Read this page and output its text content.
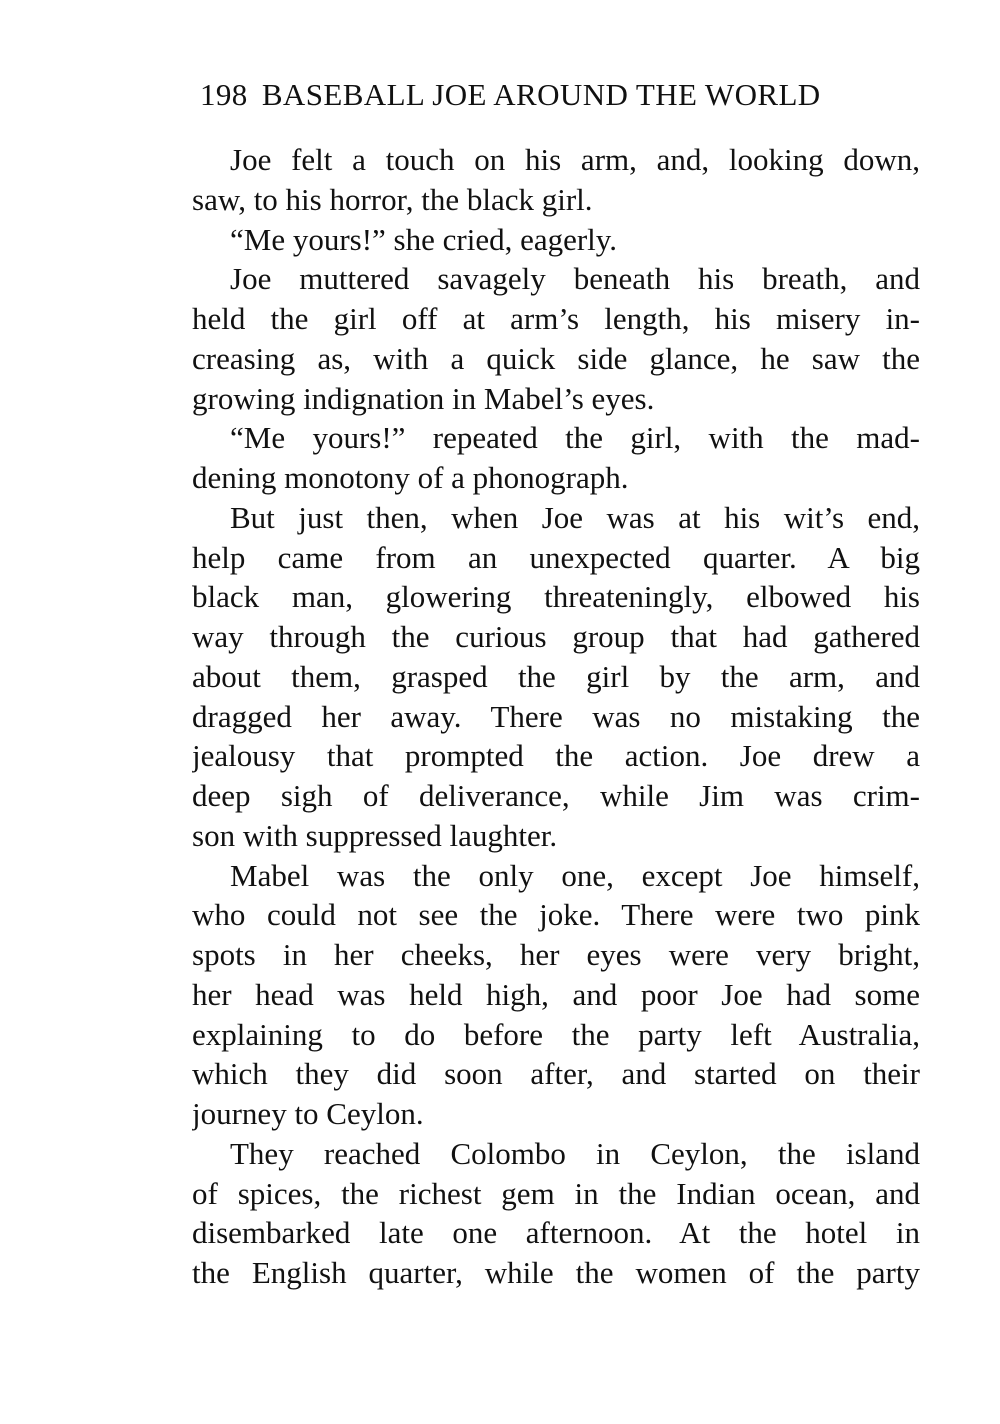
198 BASEBALL JOE AROUND THE WORLD
Joe felt a touch on his arm, and, looking down,
saw, to his horror, the black girl.
“Me yours!” she cried, eagerly.
Joe muttered savagely beneath his breath, and
held the girl off at arm’s length, his misery in-
creasing as, with a quick side glance, he saw the
growing indignation in Mabel’s eyes.
“Me yours!” repeated the girl, with the mad-
dening monotony of a phonograph.
But just then, when Joe was at his wit’s end,
help came from an unexpected quarter. A big
black man, glowering threateningly, elbowed his
way through the curious group that had gathered
about them, grasped the girl by the arm, and
dragged her away. There was no mistaking the
jealousy that prompted the action. Joe drew a
deep sigh of deliverance, while Jim was crim-
son with suppressed laughter.
Mabel was the only one, except Joe himself,
who could not see the joke. There were two pink
spots in her cheeks, her eyes were very bright,
her head was held high, and poor Joe had some
explaining to do before the party left Australia,
which they did soon after, and started on their
journey to Ceylon.
They reached Colombo in Ceylon, the island
of spices, the richest gem in the Indian ocean, and
disembarked late one afternoon. At the hotel in
the English quarter, while the women of the party
